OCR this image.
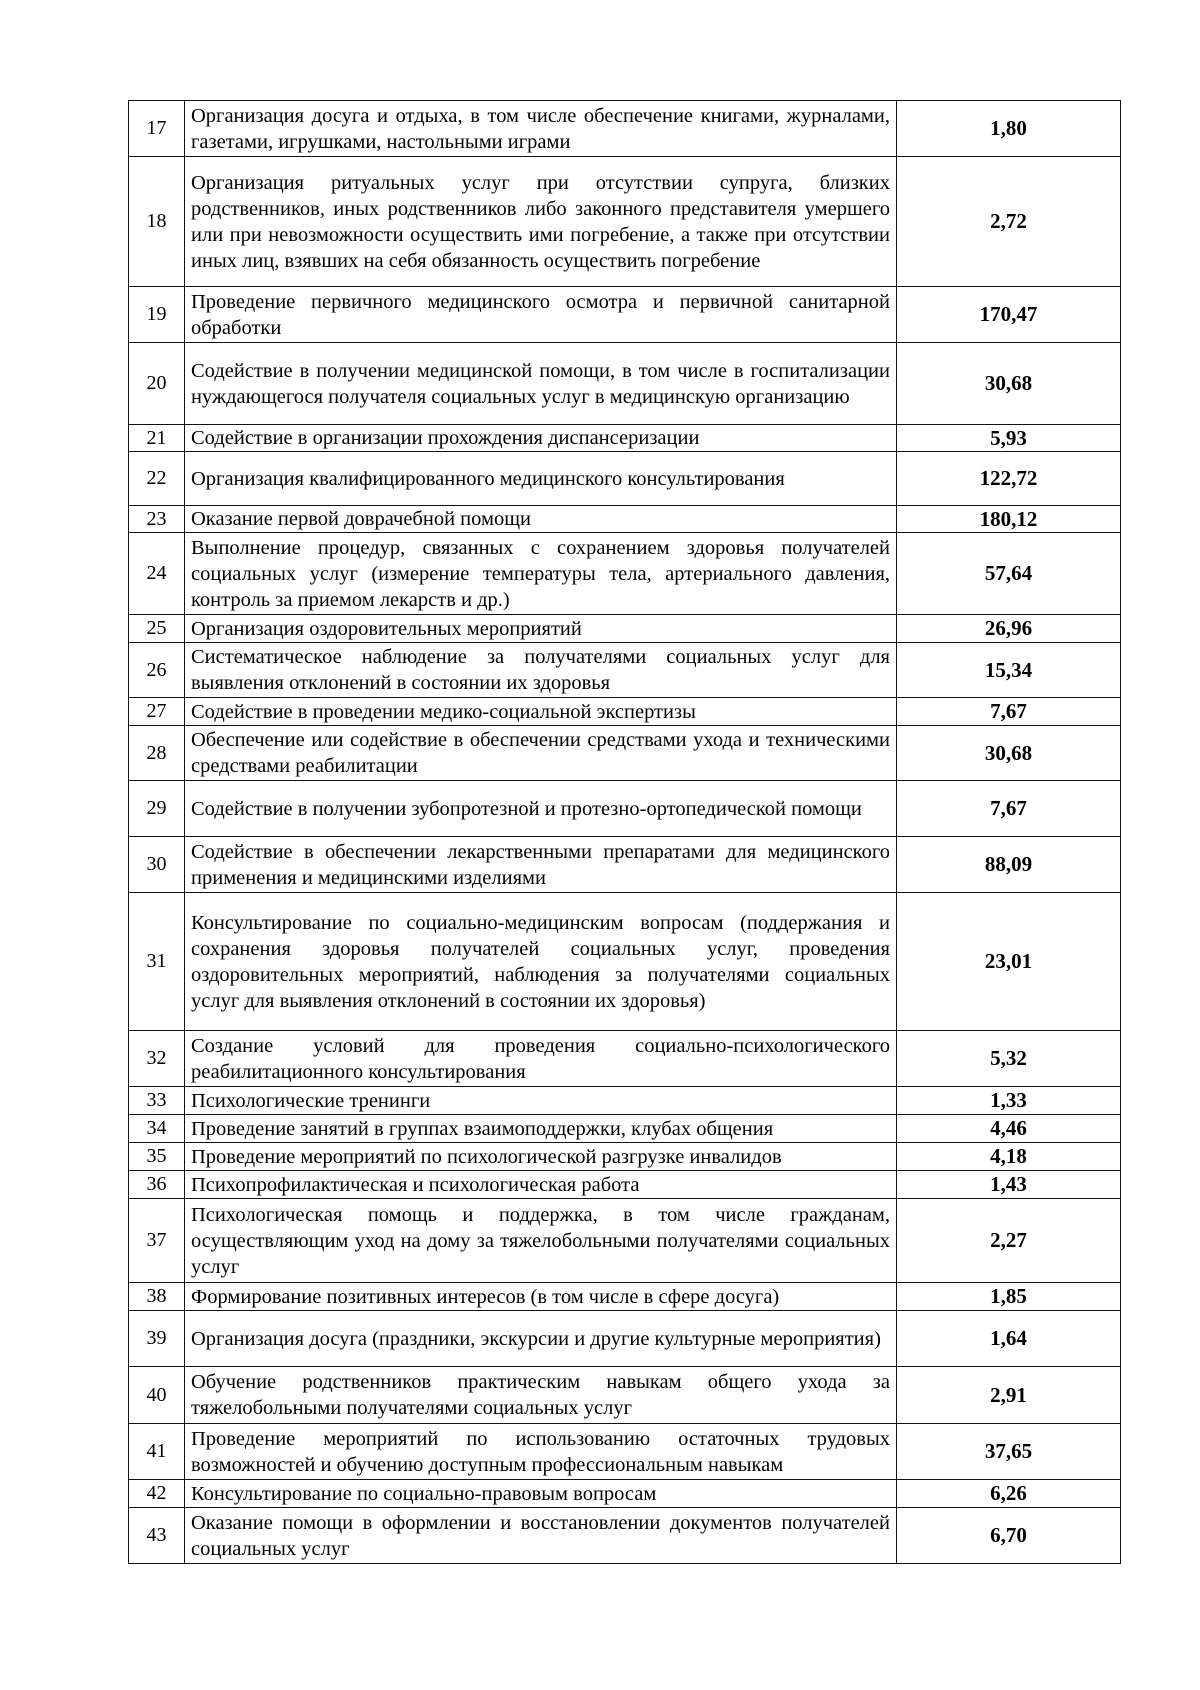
17	Организация досуга и отдыха, в том числе обеспечение книгами, журналами, газетами, игрушками, настольными играми	1,80
18	Организация ритуальных услуг при отсутствии супруга, близких родственников, иных родственников либо законного представителя умершего или при невозможности осуществить ими погребение, а также при отсутствии иных лиц, взявших на себя обязанность осуществить погребение	2,72
19	Проведение первичного медицинского осмотра и первичной санитарной обработки	170,47
20	Содействие в получении медицинской помощи, в том числе в госпитализации нуждающегося получателя социальных услуг в медицинскую организацию	30,68
21	Содействие в организации прохождения диспансеризации	5,93
22	Организация квалифицированного медицинского консультирования	122,72
23	Оказание первой доврачебной помощи	180,12
24	Выполнение процедур, связанных с сохранением здоровья получателей социальных услуг (измерение температуры тела, артериального давления, контроль за приемом лекарств и др.)	57,64
25	Организация оздоровительных мероприятий	26,96
26	Систематическое наблюдение за получателями социальных услуг для выявления отклонений в состоянии их здоровья	15,34
27	Содействие в проведении медико-социальной экспертизы	7,67
28	Обеспечение или содействие в обеспечении средствами ухода и техническими средствами реабилитации	30,68
29	Содействие в получении зубопротезной и протезно-ортопедической помощи	7,67
30	Содействие в обеспечении лекарственными препаратами для медицинского применения и медицинскими изделиями	88,09
31	Консультирование по социально-медицинским вопросам (поддержания и сохранения здоровья получателей социальных услуг, проведения оздоровительных мероприятий, наблюдения за получателями социальных услуг для выявления отклонений в состоянии их здоровья)	23,01
32	Создание условий для проведения социально-психологического реабилитационного консультирования	5,32
33	Психологические тренинги	1,33
34	Проведение занятий в группах взаимоподдержки, клубах общения	4,46
35	Проведение мероприятий по психологической разгрузке инвалидов	4,18
36	Психопрофилактическая и психологическая работа	1,43
37	Психологическая помощь и поддержка, в том числе гражданам, осуществляющим уход на дому за тяжелобольными получателями социальных услуг	2,27
38	Формирование позитивных интересов (в том числе в сфере досуга)	1,85
39	Организация досуга (праздники, экскурсии и другие культурные мероприятия)	1,64
40	Обучение родственников практическим навыкам общего ухода за тяжелобольными получателями социальных услуг	2,91
41	Проведение мероприятий по использованию остаточных трудовых возможностей и обучению доступным профессиональным навыкам	37,65
42	Консультирование по социально-правовым вопросам	6,26
43	Оказание помощи в оформлении и восстановлении документов получателей социальных услуг	6,70
